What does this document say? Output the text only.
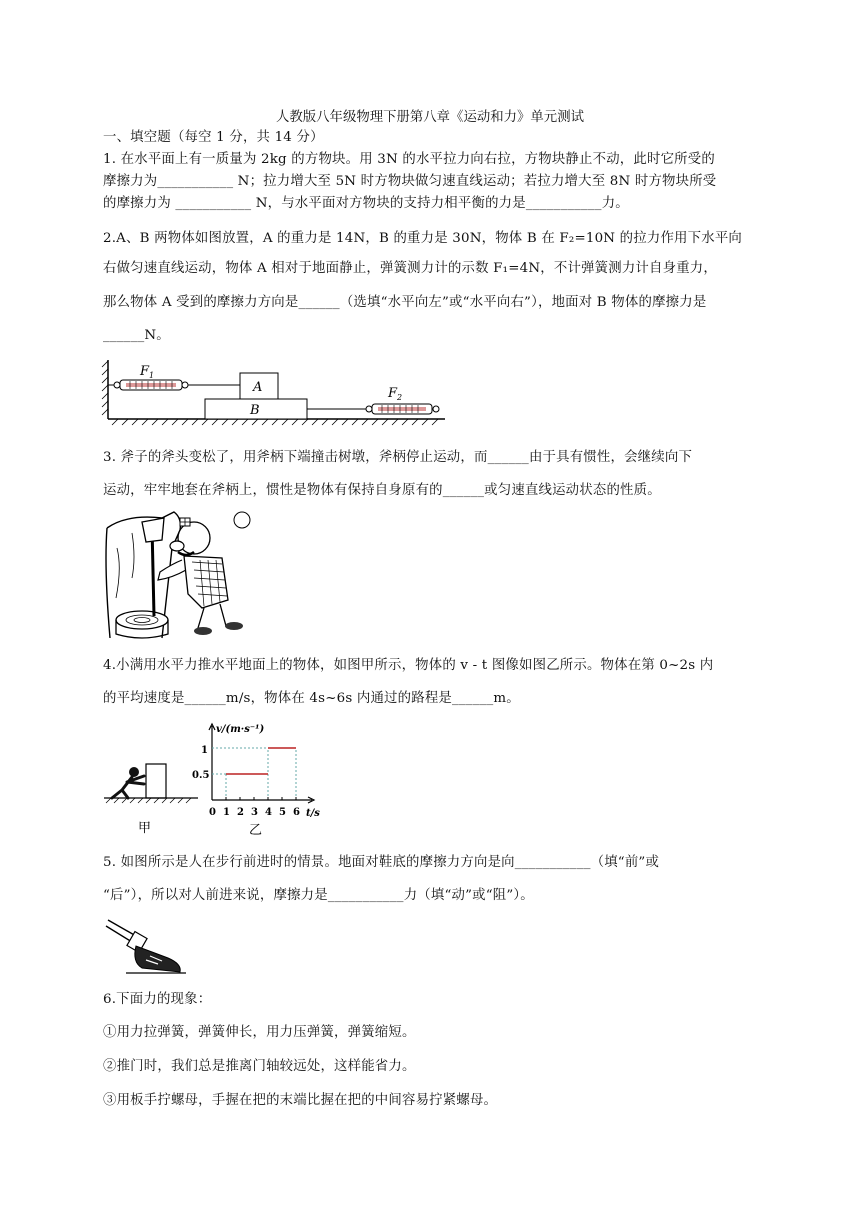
人教版八年级物理下册第八章《运动和力》单元测试
一、填空题（每空 1 分，共 14 分）
1. 在水平面上有一质量为 2kg 的方物块。用 3N 的水平拉力向右拉，方物块静止不动，此时它所受的
摩擦力为___________ N；拉力增大至 5N 时方物块做匀速直线运动；若拉力增大至 8N 时方物块所受
的摩擦力为 ___________ N，与水平面对方物块的支持力相平衡的力是___________力。
2.A、B 两物体如图放置，A 的重力是 14N，B 的重力是 30N，物体 B 在 F₂=10N 的拉力作用下水平向
右做匀速直线运动，物体 A 相对于地面静止，弹簧测力计的示数 F₁=4N，不计弹簧测力计自身重力，
那么物体 A 受到的摩擦力方向是______（选填“水平向左”或“水平向右”），地面对 B 物体的摩擦力是
______N。
$F_1$
A
B
$F_2$
3. 斧子的斧头变松了，用斧柄下端撞击树墩，斧柄停止运动，而______由于具有惯性，会继续向下
运动，牢牢地套在斧柄上，惯性是物体有保持自身原有的______或匀速直线运动状态的性质。
4.小满用水平力推水平地面上的物体，如图甲所示，物体的 v - t 图像如图乙所示。物体在第 0~2s 内
的平均速度是______m/s，物体在 4s~6s 内通过的路程是______m。
甲
v/(m·s⁻¹)
t/s
1
0.5
乙
0 1 2 3 4 5 6
5. 如图所示是人在步行前进时的情景。地面对鞋底的摩擦力方向是向___________（填“前”或
“后”），所以对人前进来说，摩擦力是___________力（填“动”或“阻”）。
6.下面力的现象：
①用力拉弹簧，弹簧伸长，用力压弹簧，弹簧缩短。
②推门时，我们总是推离门轴较远处，这样能省力。
③用板手拧螺母，手握在把的末端比握在把的中间容易拧紧螺母。
